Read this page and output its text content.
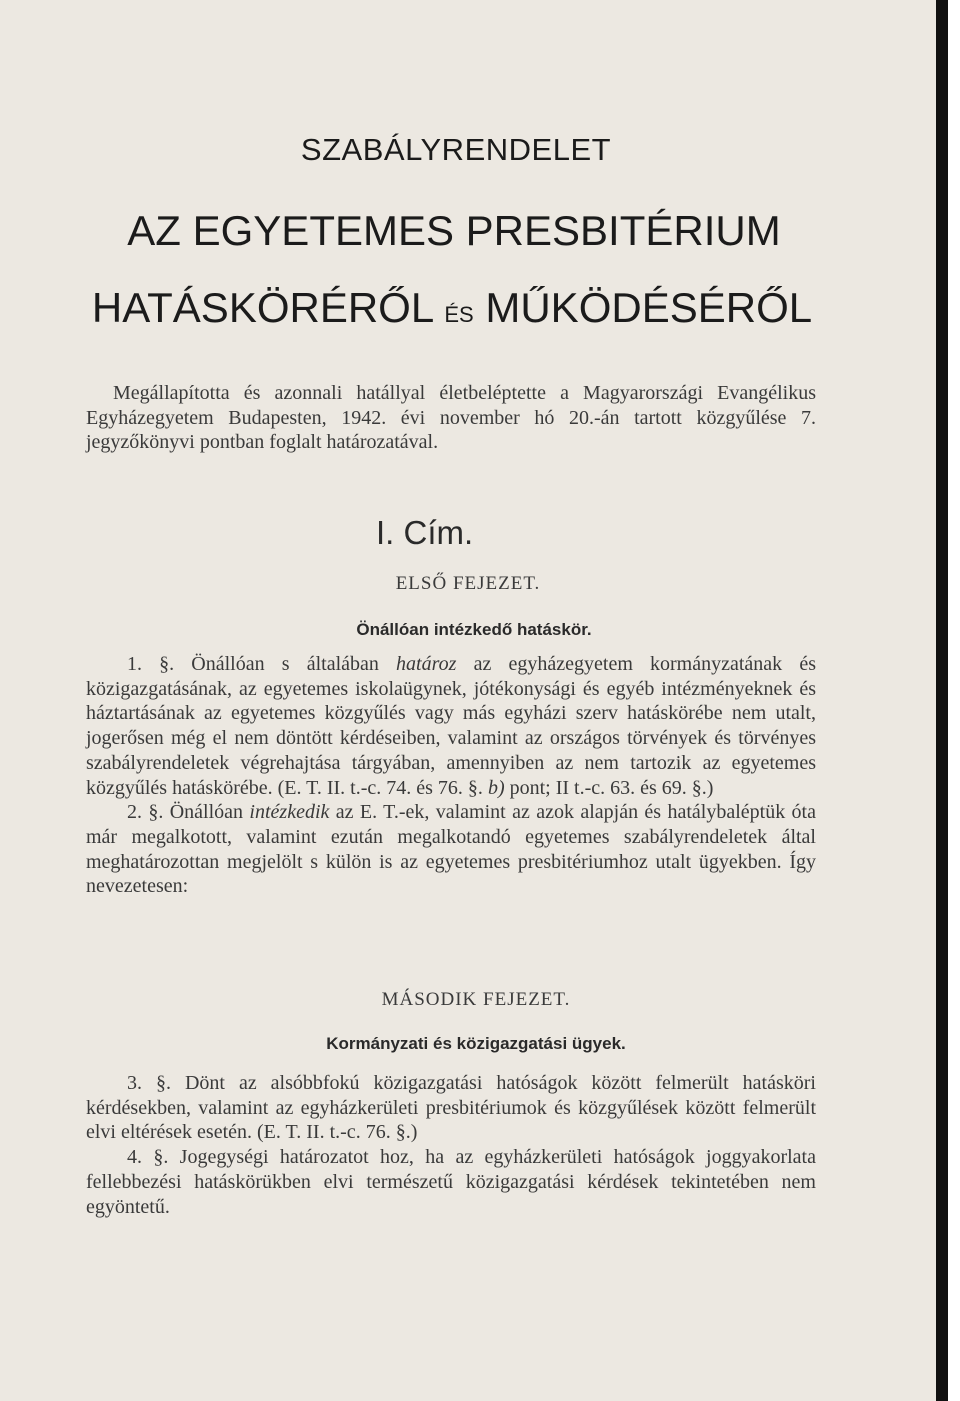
SZABÁLYRENDELET
AZ EGYETEMES PRESBITÉRIUM
HATÁSKÖRÉRŐL ÉS MŰKÖDÉSÉRŐL
Megállapította és azonnali hatállyal életbeléptette a Magyarországi Evangélikus Egyházegyetem Budapesten, 1942. évi november hó 20.-án tartott közgyűlése 7. jegyzőkönyvi pontban foglalt határozatával.
I. Cím.
ELSŐ FEJEZET.
Önállóan intézkedő hatáskör.

1. §. Önállóan s általában határoz az egyházegyetem kormányzatának és közigazgatásának, az egyetemes iskolaügynek, jótékonysági és egyéb intézményeknek és háztartásának az egyetemes közgyűlés vagy más egyházi szerv hatáskörébe nem utalt, jogerősen még el nem döntött kérdéseiben, valamint az országos törvények és törvényes szabályrendeletek végrehajtása tárgyában, amennyiben az nem tartozik az egyetemes közgyűlés hatáskörébe. (E. T. II. t.-c. 74. és 76. §. b) pont; II t.-c. 63. és 69. §.)

2. §. Önállóan intézkedik az E. T.-ek, valamint az azok alapján és hatálybaléptük óta már megalkotott, valamint ezután megalkotandó egyetemes szabályrendeletek által meghatározottan megjelölt s külön is az egyetemes presbitériumhoz utalt ügyekben. Így nevezetesen:

MÁSODIK FEJEZET.
Kormányzati és közigazgatási ügyek.

3. §. Dönt az alsóbbfokú közigazgatási hatóságok között felmerült hatásköri kérdésekben, valamint az egyházkerületi presbitériumok és közgyűlések között felmerült elvi eltérések esetén. (E. T. II. t.-c. 76. §.)

4. §. Jogegységi határozatot hoz, ha az egyházkerületi hatóságok joggyakorlata fellebbezési hatáskörükben elvi természetű közigazgatási kérdések tekintetében nem egyöntetű.
